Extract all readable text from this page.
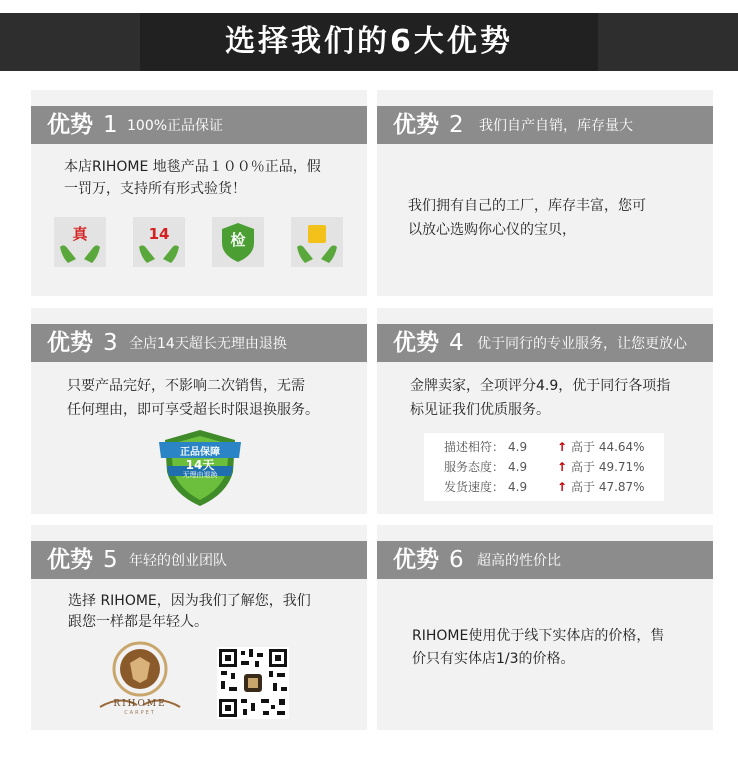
选择我们的6大优势
优势 1 100%正品保证
本店RIHOME 地毯产品１００％正品，假
一罚万，支持所有形式验货！
真	14	检
优势 2 我们自产自销，库存量大
我们拥有自己的工厂，库存丰富，您可
以放心选购你心仪的宝贝，
优势 3 全店14天超长无理由退换
只要产品完好，不影响二次销售，无需
任何理由，即可享受超长时限退换服务。
正品保障
14天
无理由退换
优势 4 优于同行的专业服务，让您更放心
金牌卖家，全项评分4.9，优于同行各项指
标见证我们优质服务。
描述相符： 4.9 ↑ 高于 44.64%
服务态度： 4.9 ↑ 高于 49.71%
发货速度： 4.9 ↑ 高于 47.87%
优势 5 年轻的创业团队
选择 RIHOME，因为我们了解您，我们
跟您一样都是年轻人。
RIHOME
CARPET
优势 6 超高的性价比
RIHOME使用优于线下实体店的价格，售
价只有实体店1/3的价格。
